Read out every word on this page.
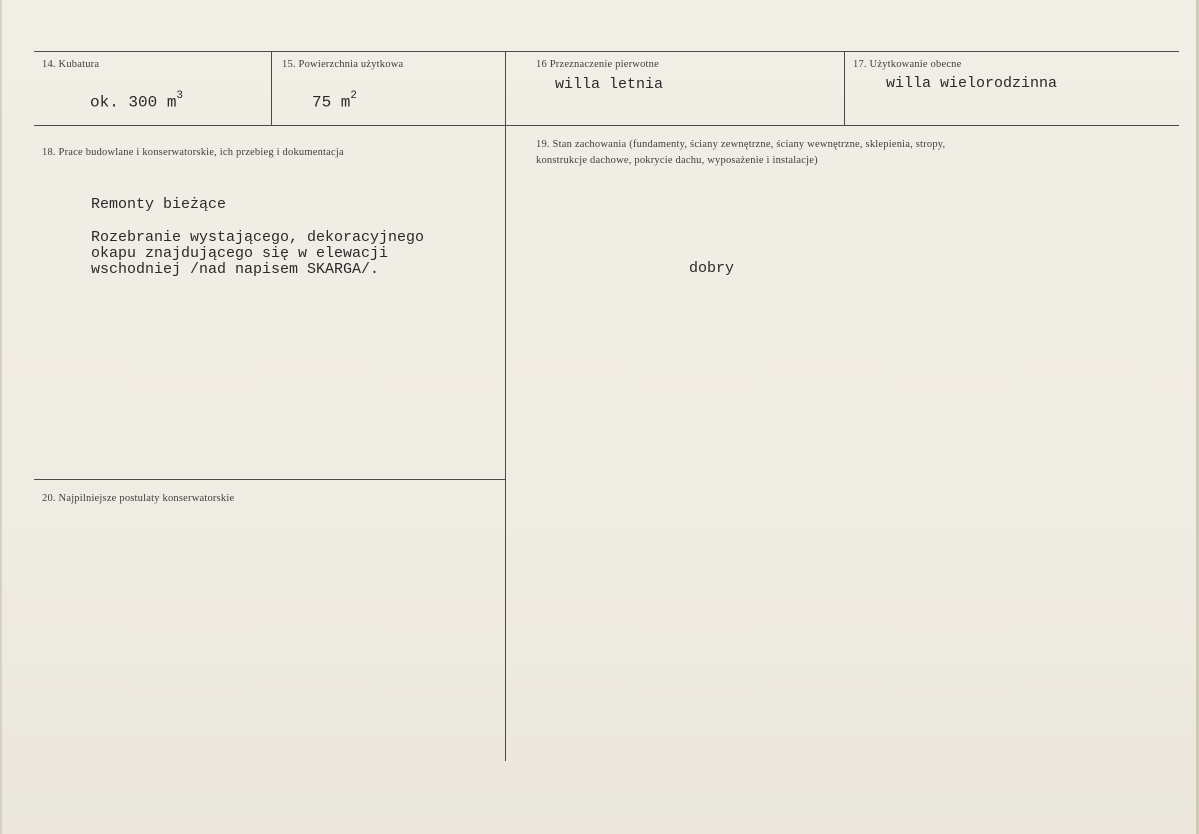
14. Kubatura
ok. 300 $m^3$
15. Powierzchnia użytkowa
75 $m^2$
16 Przeznaczenie pierwotne
willa letnia
17. Użytkowanie obecne
willa wielorodzinna
18. Prace budowlane i konserwatorskie, ich przebieg i dokumentacja
Remonty bieżące
Rozebranie wystającego, dekoracyjnego
okapu znajdującego się w elewacji
wschodniej /nad napisem SKARGA/.
19. Stan zachowania (fundamenty, ściany zewnętrzne, ściany wewnętrzne, sklepienia, stropy,
konstrukcje dachowe, pokrycie dachu, wyposażenie i instalacje)
dobry
20. Najpilniejsze postulaty konserwatorskie
